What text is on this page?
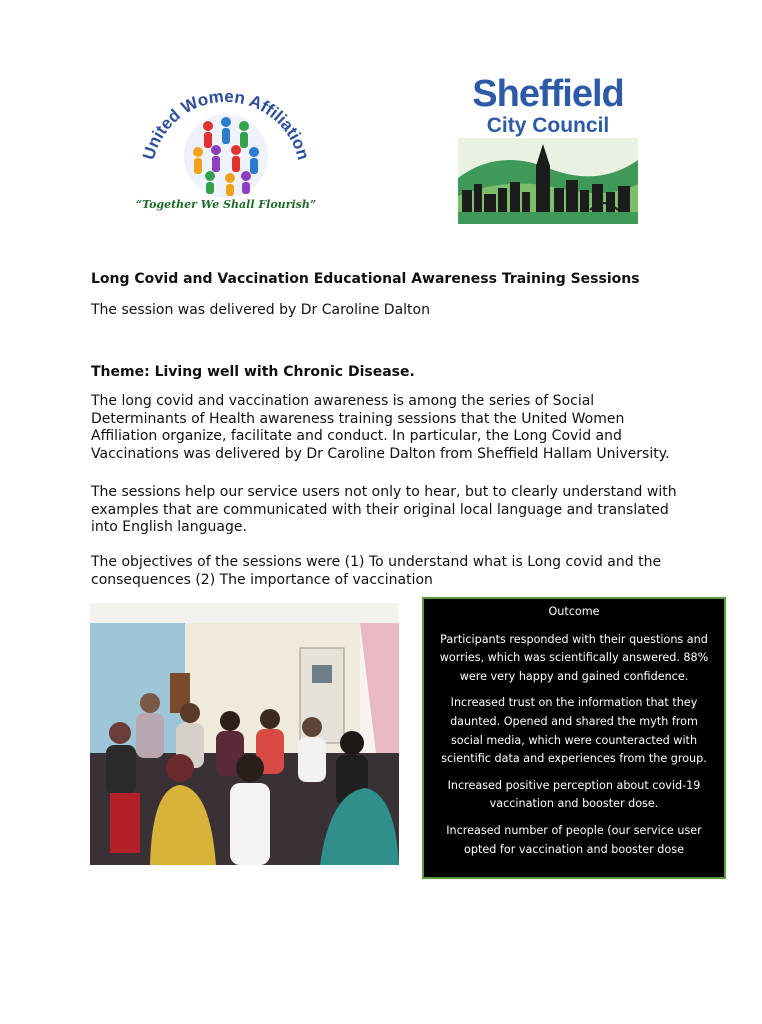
United Women Affiliation
“Together We Shall Flourish”
Sheffield
City Council
Long Covid and Vaccination Educational Awareness Training Sessions
The session was delivered by Dr Caroline Dalton
Theme: Living well with Chronic Disease.
The long covid and vaccination awareness is among the series of Social
Determinants of Health awareness training sessions that the United Women
Affiliation organize, facilitate and conduct. In particular, the Long Covid and
Vaccinations was delivered by Dr Caroline Dalton from Sheffield Hallam University.
The sessions help our service users not only to hear, but to clearly understand with
examples that are communicated with their original local language and translated
into English language.
The objectives of the sessions were (1) To understand what is Long covid and the
consequences (2) The importance of vaccination

Outcome

Participants responded with their questions and
worries, which was scientifically answered. 88%
were very happy and gained confidence.

Increased trust on the information that they
daunted. Opened and shared the myth from
social media, which were counteracted with
scientific data and experiences from the group.

Increased positive perception about covid-19
vaccination and booster dose.

Increased number of people (our service user
opted for vaccination and booster dose
